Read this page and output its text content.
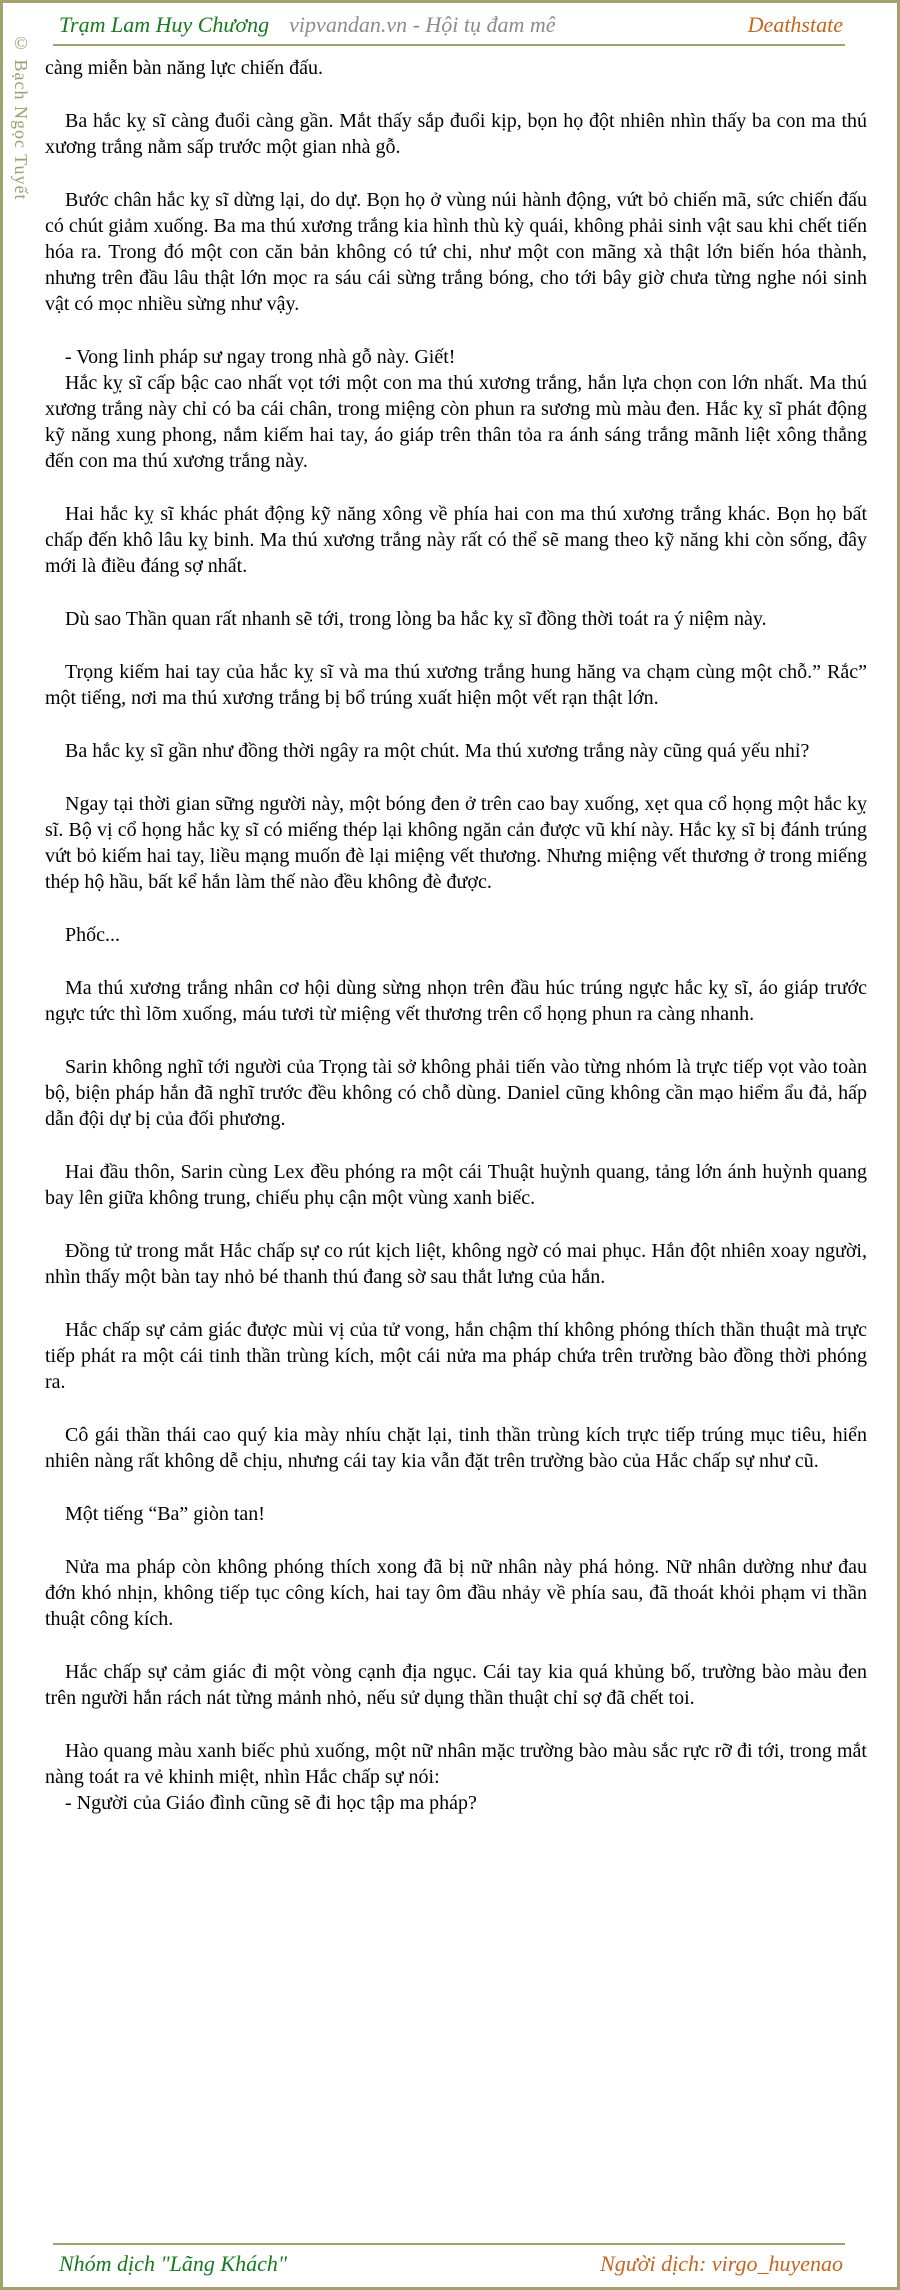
Trạm Lam Huy Chương vipvandan.vn - Hội tụ đam mê	Deathstate
© Bạch Ngọc Tuyết càng miễn bàn năng lực chiến đấu.

Ba hắc kỵ sĩ càng đuổi càng gần. Mắt thấy sắp đuổi kịp, bọn họ đột nhiên nhìn thấy ba con ma thú xương trắng nằm sấp trước một gian nhà gỗ.

Bước chân hắc kỵ sĩ dừng lại, do dự. Bọn họ ở vùng núi hành động, vứt bỏ chiến mã, sức chiến đấu có chút giảm xuống. Ba ma thú xương trắng kia hình thù kỳ quái, không phải sinh vật sau khi chết tiến hóa ra. Trong đó một con căn bản không có tứ chi, như một con mãng xà thật lớn biến hóa thành, nhưng trên đầu lâu thật lớn mọc ra sáu cái sừng trắng bóng, cho tới bây giờ chưa từng nghe nói sinh vật có mọc nhiều sừng như vậy.

- Vong linh pháp sư ngay trong nhà gỗ này. Giết!

Hắc kỵ sĩ cấp bậc cao nhất vọt tới một con ma thú xương trắng, hắn lựa chọn con lớn nhất. Ma thú xương trắng này chỉ có ba cái chân, trong miệng còn phun ra sương mù màu đen. Hắc kỵ sĩ phát động kỹ năng xung phong, nắm kiếm hai tay, áo giáp trên thân tỏa ra ánh sáng trắng mãnh liệt xông thẳng đến con ma thú xương trắng này.

Hai hắc kỵ sĩ khác phát động kỹ năng xông về phía hai con ma thú xương trắng khác. Bọn họ bất chấp đến khô lâu kỵ binh. Ma thú xương trắng này rất có thể sẽ mang theo kỹ năng khi còn sống, đây mới là điều đáng sợ nhất.

Dù sao Thần quan rất nhanh sẽ tới, trong lòng ba hắc kỵ sĩ đồng thời toát ra ý niệm này.

Trọng kiếm hai tay của hắc kỵ sĩ và ma thú xương trắng hung hăng va chạm cùng một chỗ.” Rắc” một tiếng, nơi ma thú xương trắng bị bổ trúng xuất hiện một vết rạn thật lớn.

Ba hắc kỵ sĩ gần như đồng thời ngây ra một chút. Ma thú xương trắng này cũng quá yếu nhỉ?

Ngay tại thời gian sững người này, một bóng đen ở trên cao bay xuống, xẹt qua cổ họng một hắc kỵ sĩ. Bộ vị cổ họng hắc kỵ sĩ có miếng thép lại không ngăn cản được vũ khí này. Hắc kỵ sĩ bị đánh trúng vứt bỏ kiếm hai tay, liều mạng muốn đè lại miệng vết thương. Nhưng miệng vết thương ở trong miếng thép hộ hầu, bất kể hắn làm thế nào đều không đè được.

Phốc...

Ma thú xương trắng nhân cơ hội dùng sừng nhọn trên đầu húc trúng ngực hắc kỵ sĩ, áo giáp trước ngực tức thì lõm xuống, máu tươi từ miệng vết thương trên cổ họng phun ra càng nhanh.

Sarin không nghĩ tới người của Trọng tài sở không phải tiến vào từng nhóm là trực tiếp vọt vào toàn bộ, biện pháp hắn đã nghĩ trước đều không có chỗ dùng. Daniel cũng không cần mạo hiểm ẩu đả, hấp dẫn đội dự bị của đối phương.

Hai đầu thôn, Sarin cùng Lex đều phóng ra một cái Thuật huỳnh quang, tảng lớn ánh huỳnh quang bay lên giữa không trung, chiếu phụ cận một vùng xanh biếc.

Đồng tử trong mắt Hắc chấp sự co rút kịch liệt, không ngờ có mai phục. Hắn đột nhiên xoay người, nhìn thấy một bàn tay nhỏ bé thanh thú đang sờ sau thắt lưng của hắn.

Hắc chấp sự cảm giác được mùi vị của tử vong, hắn chậm thí không phóng thích thần thuật mà trực tiếp phát ra một cái tinh thần trùng kích, một cái nửa ma pháp chứa trên trường bào đồng thời phóng ra.

Cô gái thần thái cao quý kia mày nhíu chặt lại, tinh thần trùng kích trực tiếp trúng mục tiêu, hiển nhiên nàng rất không dễ chịu, nhưng cái tay kia vẫn đặt trên trường bào của Hắc chấp sự như cũ.

Một tiếng “Ba” giòn tan!

Nửa ma pháp còn không phóng thích xong đã bị nữ nhân này phá hỏng. Nữ nhân dường như đau đớn khó nhịn, không tiếp tục công kích, hai tay ôm đầu nhảy về phía sau, đã thoát khỏi phạm vi thần thuật công kích.

Hắc chấp sự cảm giác đi một vòng cạnh địa ngục. Cái tay kia quá khủng bố, trường bào màu đen trên người hắn rách nát từng mảnh nhỏ, nếu sử dụng thần thuật chỉ sợ đã chết toi.

Hào quang màu xanh biếc phủ xuống, một nữ nhân mặc trường bào màu sắc rực rỡ đi tới, trong mắt nàng toát ra vẻ khinh miệt, nhìn Hắc chấp sự nói:

- Người của Giáo đình cũng sẽ đi học tập ma pháp?

Nhóm dịch "Lãng Khách"	Người dịch: virgo_huyenao
